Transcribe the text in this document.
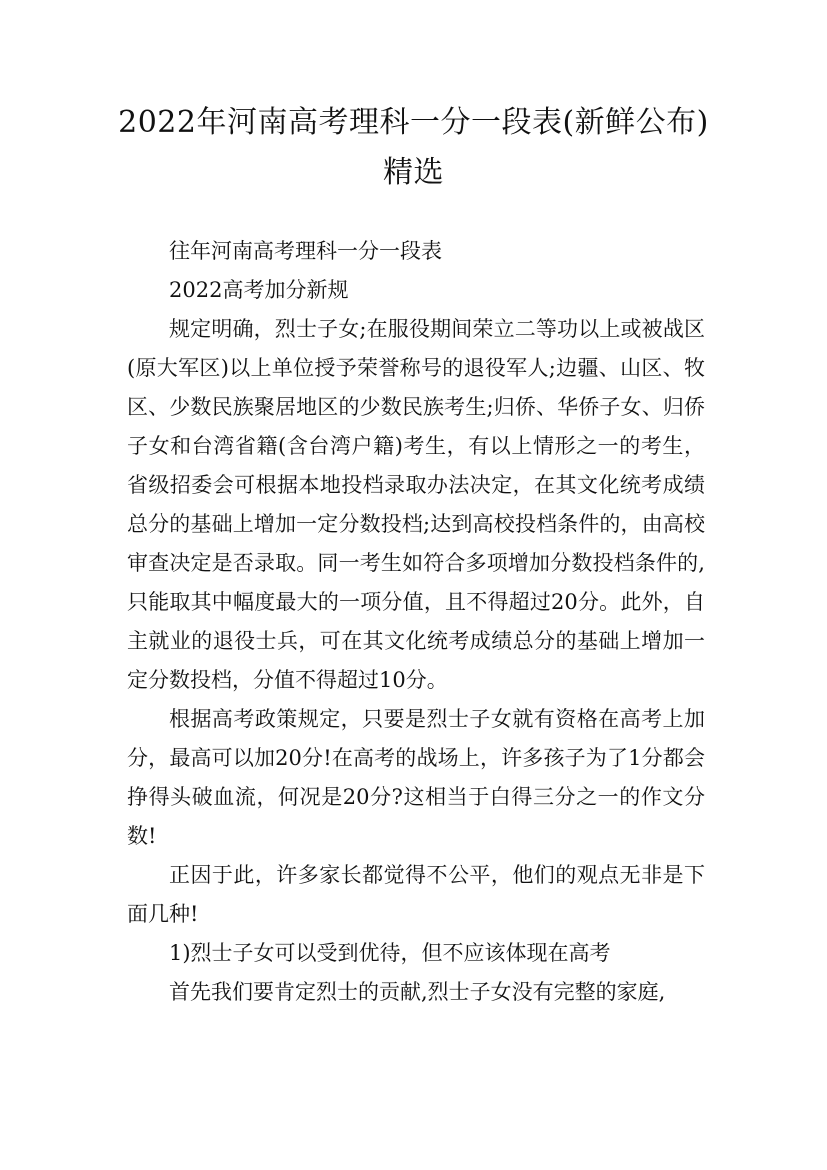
2022年河南高考理科一分一段表(新鲜公布)
精选

往年河南高考理科一分一段表

2022高考加分新规

规定明确，烈士子女;在服役期间荣立二等功以上或被战区(原大军区)以上单位授予荣誉称号的退役军人;边疆、山区、牧区、少数民族聚居地区的少数民族考生;归侨、华侨子女、归侨子女和台湾省籍(含台湾户籍)考生，有以上情形之一的考生，省级招委会可根据本地投档录取办法决定，在其文化统考成绩总分的基础上增加一定分数投档;达到高校投档条件的，由高校审查决定是否录取。同一考生如符合多项增加分数投档条件的,只能取其中幅度最大的一项分值，且不得超过20分。此外，自主就业的退役士兵，可在其文化统考成绩总分的基础上增加一定分数投档，分值不得超过10分。

根据高考政策规定，只要是烈士子女就有资格在高考上加分，最高可以加20分!在高考的战场上，许多孩子为了1分都会挣得头破血流，何况是20分?这相当于白得三分之一的作文分数!

正因于此，许多家长都觉得不公平，他们的观点无非是下面几种!

1)烈士子女可以受到优待，但不应该体现在高考

首先我们要肯定烈士的贡献,烈士子女没有完整的家庭,
